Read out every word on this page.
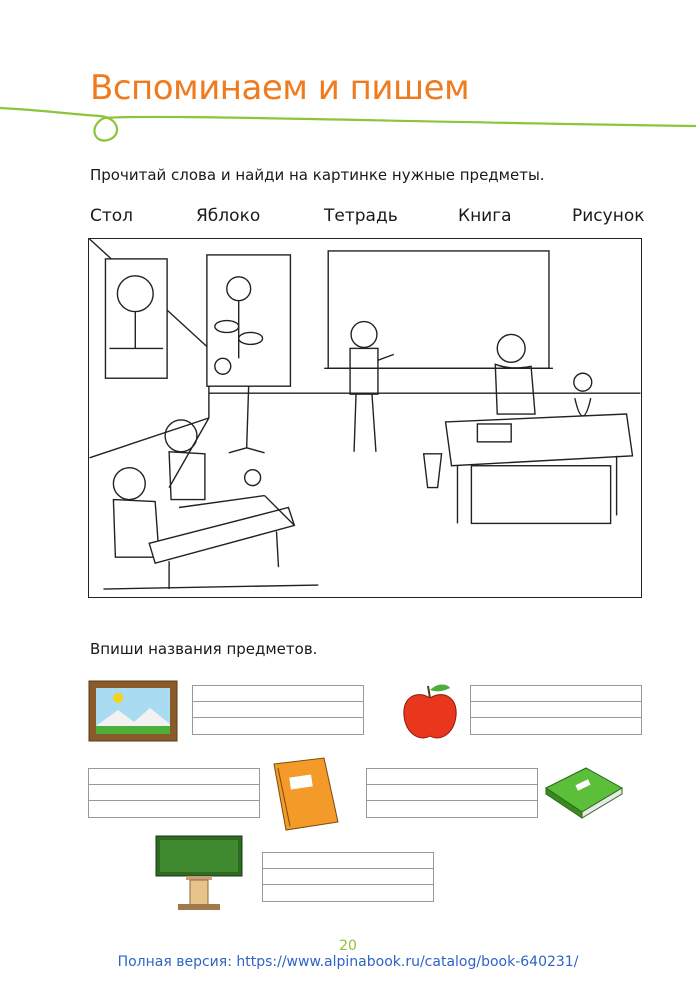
Вспоминаем и пишем
Прочитай слова и найди на картинке нужные предметы.
Стол	Яблоко	Тетрадь	Книга	Рисунок
Впиши названия предметов.
20
Полная версия: https://www.alpinabook.ru/catalog/book-640231/
